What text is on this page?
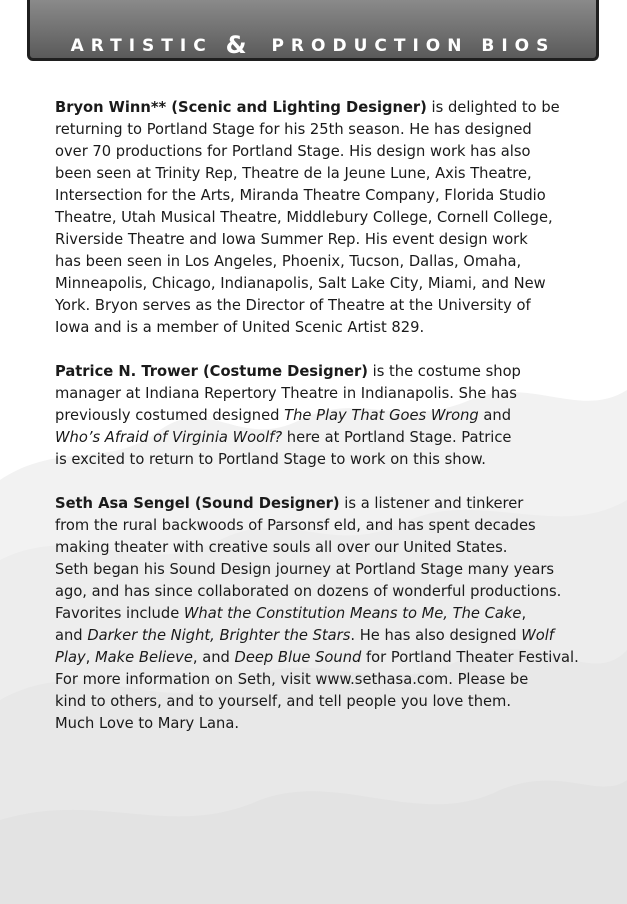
ARTISTIC & PRODUCTION BIOS
Bryon Winn** (Scenic and Lighting Designer) is delighted to be
returning to Portland Stage for his 25th season. He has designed
over 70 productions for Portland Stage. His design work has also
been seen at Trinity Rep, Theatre de la Jeune Lune, Axis Theatre,
Intersection for the Arts, Miranda Theatre Company, Florida Studio
Theatre, Utah Musical Theatre, Middlebury College, Cornell College,
Riverside Theatre and Iowa Summer Rep. His event design work
has been seen in Los Angeles, Phoenix, Tucson, Dallas, Omaha,
Minneapolis, Chicago, Indianapolis, Salt Lake City, Miami, and New
York. Bryon serves as the Director of Theatre at the University of
Iowa and is a member of United Scenic Artist 829.
Patrice N. Trower (Costume Designer) is the costume shop
manager at Indiana Repertory Theatre in Indianapolis. She has
previously costumed designed The Play That Goes Wrong and
Who’s Afraid of Virginia Woolf? here at Portland Stage. Patrice
is excited to return to Portland Stage to work on this show.
Seth Asa Sengel (Sound Designer) is a listener and tinkerer
from the rural backwoods of Parsonsf eld, and has spent decades
making theater with creative souls all over our United States.
Seth began his Sound Design journey at Portland Stage many years
ago, and has since collaborated on dozens of wonderful productions.
Favorites include What the Constitution Means to Me, The Cake,
and Darker the Night, Brighter the Stars. He has also designed Wolf
Play, Make Believe, and Deep Blue Sound for Portland Theater Festival.
For more information on Seth, visit www.sethasa.com. Please be
kind to others, and to yourself, and tell people you love them.
Much Love to Mary Lana.
